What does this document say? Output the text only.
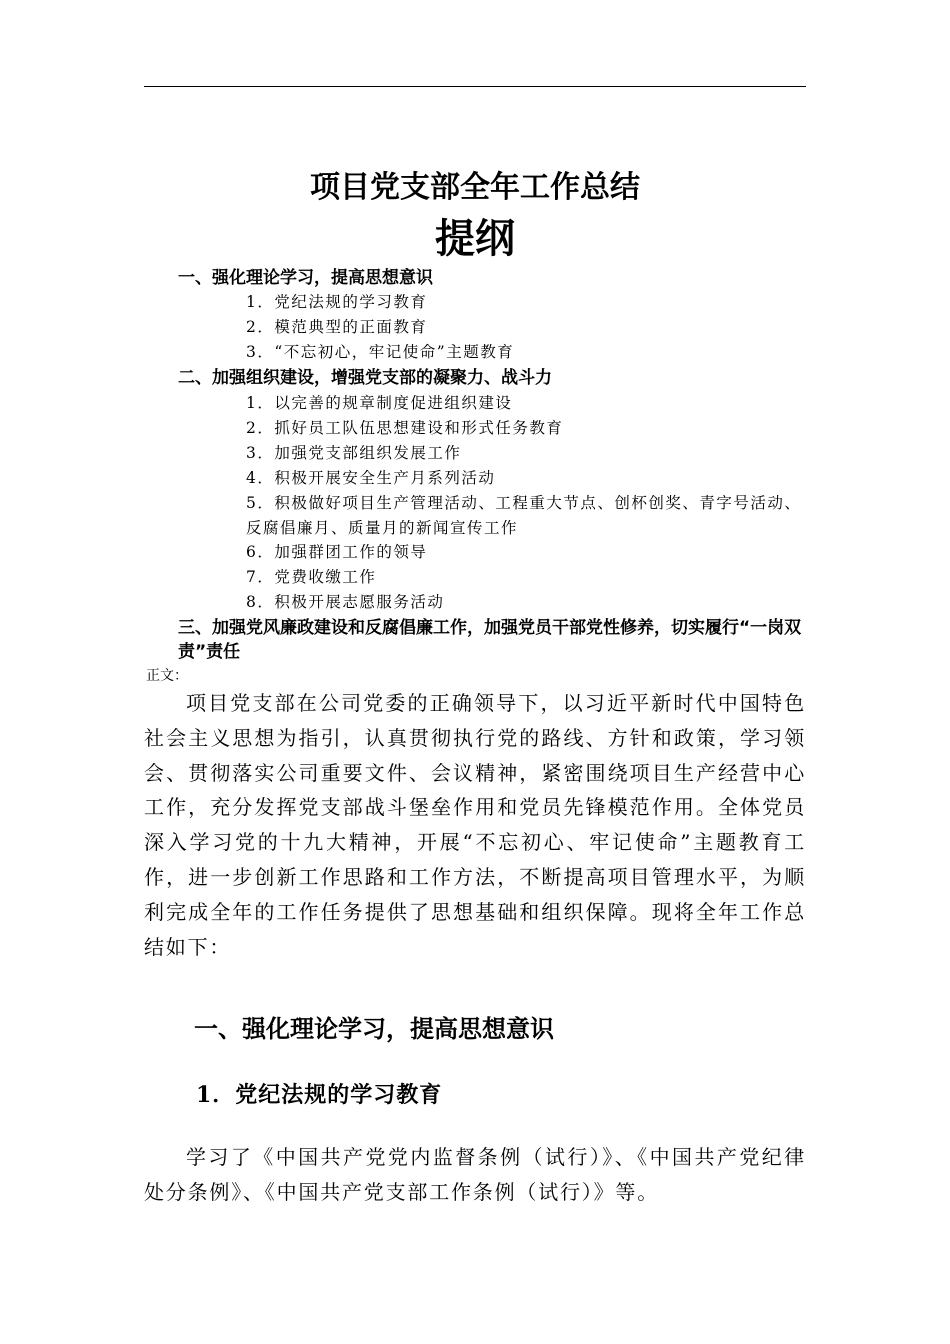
项目党支部全年工作总结
提纲
一、强化理论学习，提高思想意识
1．党纪法规的学习教育
2．模范典型的正面教育
3．“不忘初心，牢记使命”主题教育
二、加强组织建设，增强党支部的凝聚力、战斗力
1．以完善的规章制度促进组织建设
2．抓好员工队伍思想建设和形式任务教育
3．加强党支部组织发展工作
4．积极开展安全生产月系列活动
5．积极做好项目生产管理活动、工程重大节点、创杯创奖、青字号活动、反腐倡廉月、质量月的新闻宣传工作
6．加强群团工作的领导
7．党费收缴工作
8．积极开展志愿服务活动
三、加强党风廉政建设和反腐倡廉工作，加强党员干部党性修养，切实履行“一岗双责”责任
正文：
项目党支部在公司党委的正确领导下，以习近平新时代中国特色社会主义思想为指引，认真贯彻执行党的路线、方针和政策，学习领会、贯彻落实公司重要文件、会议精神，紧密围绕项目生产经营中心工作，充分发挥党支部战斗堡垒作用和党员先锋模范作用。全体党员深入学习党的十九大精神，开展“不忘初心、牢记使命”主题教育工作，进一步创新工作思路和工作方法，不断提高项目管理水平，为顺利完成全年的工作任务提供了思想基础和组织保障。现将全年工作总结如下：
一、强化理论学习，提高思想意识
1．党纪法规的学习教育
学习了《中国共产党党内监督条例（试行）》、《中国共产党纪律处分条例》、《中国共产党支部工作条例（试行）》等。
